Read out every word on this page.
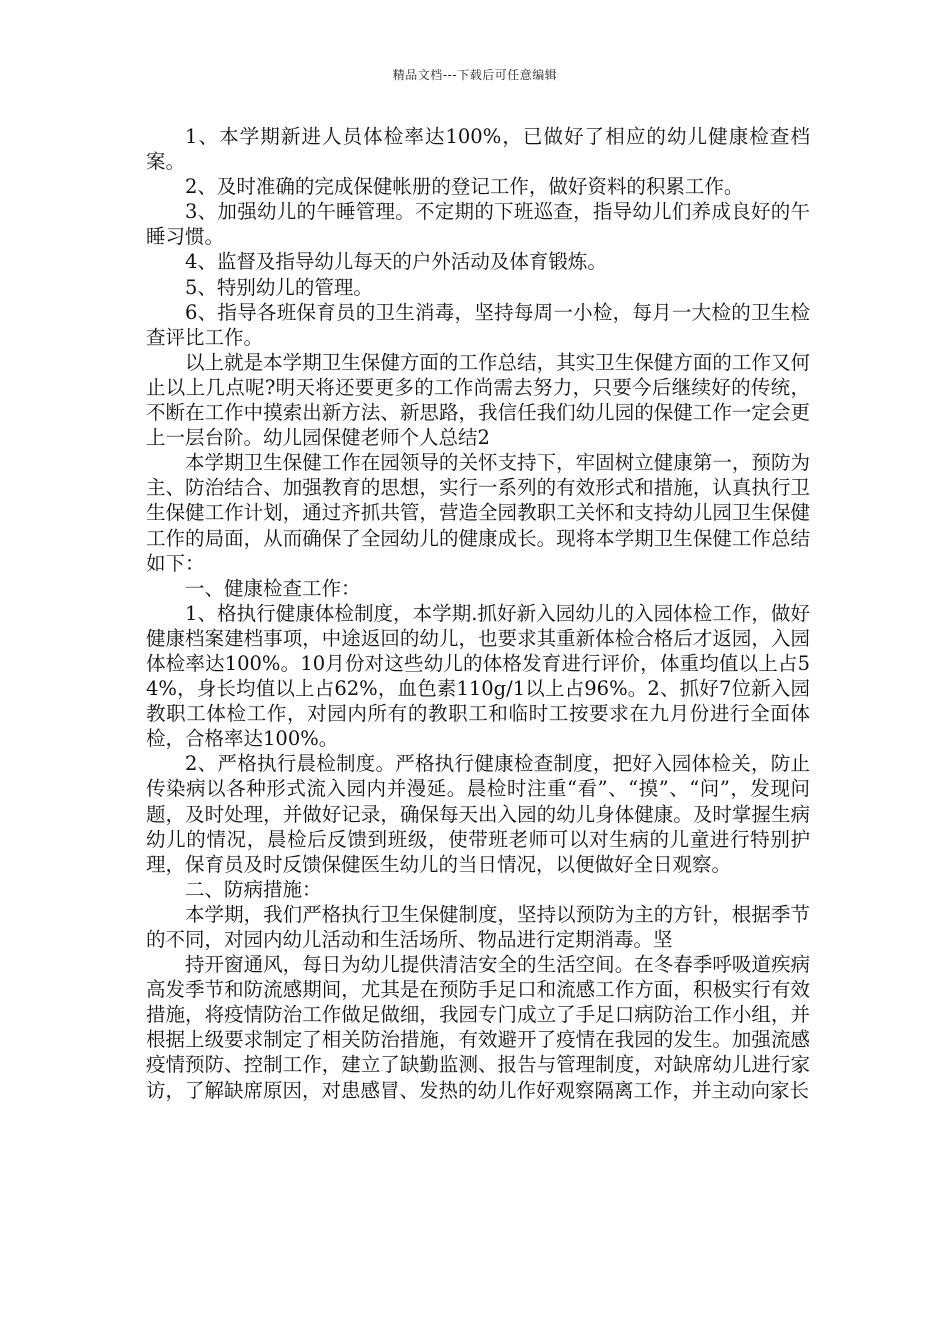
精品文档---下载后可任意编辑

1、本学期新进人员体检率达100%，已做好了相应的幼儿健康检查档案。

2、及时准确的完成保健帐册的登记工作，做好资料的积累工作。

3、加强幼儿的午睡管理。不定期的下班巡查，指导幼儿们养成良好的午睡习惯。

4、监督及指导幼儿每天的户外活动及体育锻炼。

5、特别幼儿的管理。

6、指导各班保育员的卫生消毒，坚持每周一小检，每月一大检的卫生检查评比工作。

以上就是本学期卫生保健方面的工作总结，其实卫生保健方面的工作又何止以上几点呢?明天将还要更多的工作尚需去努力，只要今后继续好的传统，不断在工作中摸索出新方法、新思路，我信任我们幼儿园的保健工作一定会更上一层台阶。幼儿园保健老师个人总结2

本学期卫生保健工作在园领导的关怀支持下，牢固树立健康第一，预防为主、防治结合、加强教育的思想，实行一系列的有效形式和措施，认真执行卫生保健工作计划，通过齐抓共管，营造全园教职工关怀和支持幼儿园卫生保健工作的局面，从而确保了全园幼儿的健康成长。现将本学期卫生保健工作总结如下：

一、健康检查工作：

1、格执行健康体检制度，本学期.抓好新入园幼儿的入园体检工作，做好健康档案建档事项，中途返回的幼儿，也要求其重新体检合格后才返园，入园体检率达100%。10月份对这些幼儿的体格发育进行评价，体重均值以上占54%，身长均值以上占62%，血色素110g/1以上占96%。2、抓好7位新入园教职工体检工作，对园内所有的教职工和临时工按要求在九月份进行全面体检，合格率达100%。

2、严格执行晨检制度。严格执行健康检查制度，把好入园体检关，防止传染病以各种形式流入园内并漫延。晨检时注重“看”、“摸”、“问”，发现问题，及时处理，并做好记录，确保每天出入园的幼儿身体健康。及时掌握生病幼儿的情况，晨检后反馈到班级，使带班老师可以对生病的儿童进行特别护理，保育员及时反馈保健医生幼儿的当日情况，以便做好全日观察。

二、防病措施：

本学期，我们严格执行卫生保健制度，坚持以预防为主的方针，根据季节的不同，对园内幼儿活动和生活场所、物品进行定期消毒。坚

持开窗通风，每日为幼儿提供清洁安全的生活空间。在冬春季呼吸道疾病高发季节和防流感期间，尤其是在预防手足口和流感工作方面，积极实行有效措施，将疫情防治工作做足做细，我园专门成立了手足口病防治工作小组，并根据上级要求制定了相关防治措施，有效避开了疫情在我园的发生。加强流感疫情预防、控制工作，建立了缺勤监测、报告与管理制度，对缺席幼儿进行家访，了解缺席原因，对患感冒、发热的幼儿作好观察隔离工作，并主动向家长
